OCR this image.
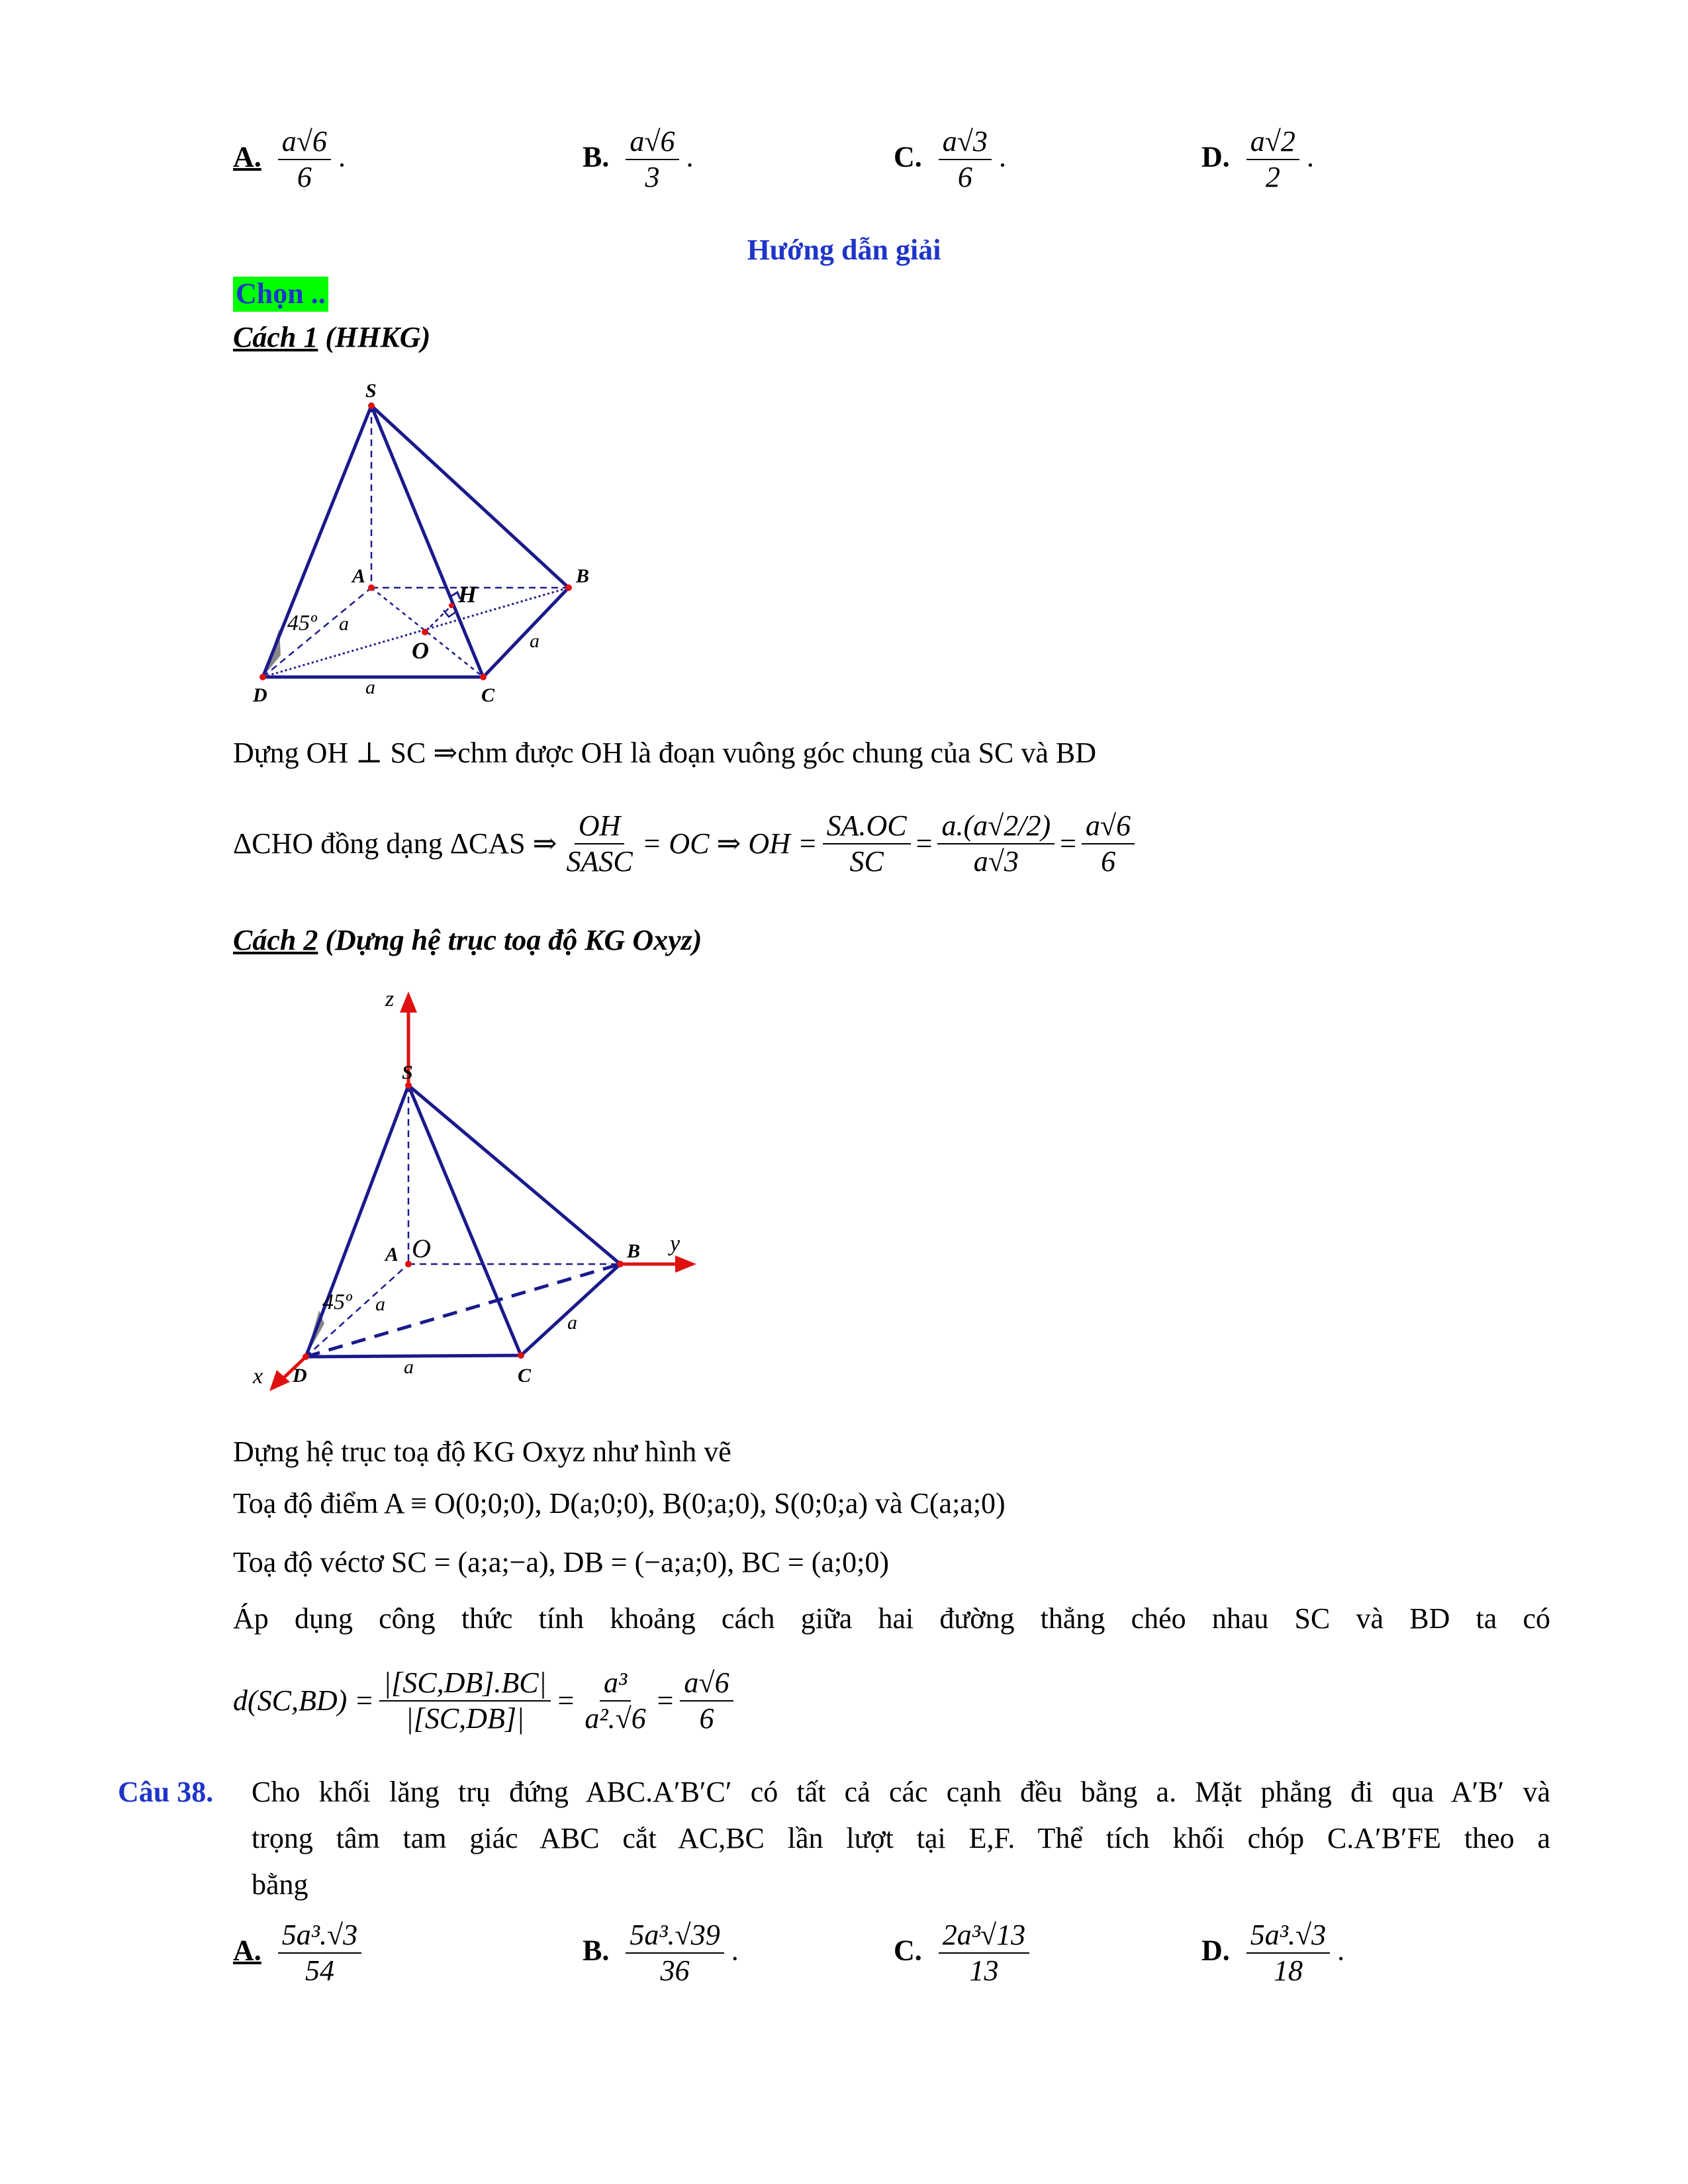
A. $\frac{a√6}{6}$ .	B. $\frac{a√6}{3}$ .	C. $\frac{a√3}{6}$ .	D. $\frac{a√2}{2}$ .
Hướng dẫn giải
Chọn ..
Cách 1 (HHKG)
S
A	B
C
D
H
O
45º a
a
a
Dựng OH ⊥ SC ⇒chm được OH là đoạn vuông góc chung của SC và BD
ΔCHO đồng dạng ΔCAS ⇒ $\frac{OH}{\text{SASC}}$ = OC ⇒ OH = $\frac{SA.OC}{SC} = \frac{a.(a√2/2)}{a√3} = \frac{a√6}{6}$
Cách 2 (Dựng hệ trục toạ độ KG Oxyz)
z
y
x
O
45º
S
A	B
C
D
a
a
a
Dựng hệ trục toạ độ KG Oxyz như hình vẽ
Toạ độ điểm A ≡ O(0;0;0), D(a;0;0), B(0;a;0), S(0;0;a) và C(a;a;0)
Toạ độ véctơ SC = (a;a;−a), DB = (−a;a;0), BC = (a;0;0)
Áp dụng công thức tính khoảng cách giữa hai đường thẳng chéo nhau SC và BD ta có
$d(SC,BD) = \frac{|[SC,DB].BC|}{|[SC,DB]|} = \frac{\text{a³}}{\text{a².√6}} = \frac{a√6}{6}$
Câu 38. Cho khối lăng trụ đứng ABC.A′B′C′ có tất cả các cạnh đều bằng a. Mặt phẳng đi qua A′B′ và
trọng tâm tam giác ABC cắt AC,BC lần lượt tại E,F. Thể tích khối chóp C.A′B′FE theo a
bằng
A. $\frac{\text{5a³.√3}}{54}$	B. $\frac{\text{5a³.√39}}{36}$ .	C. $\frac{\text{2a³√13}}{13}$	D. $\frac{\text{5a³.√3}}{18}$ .
